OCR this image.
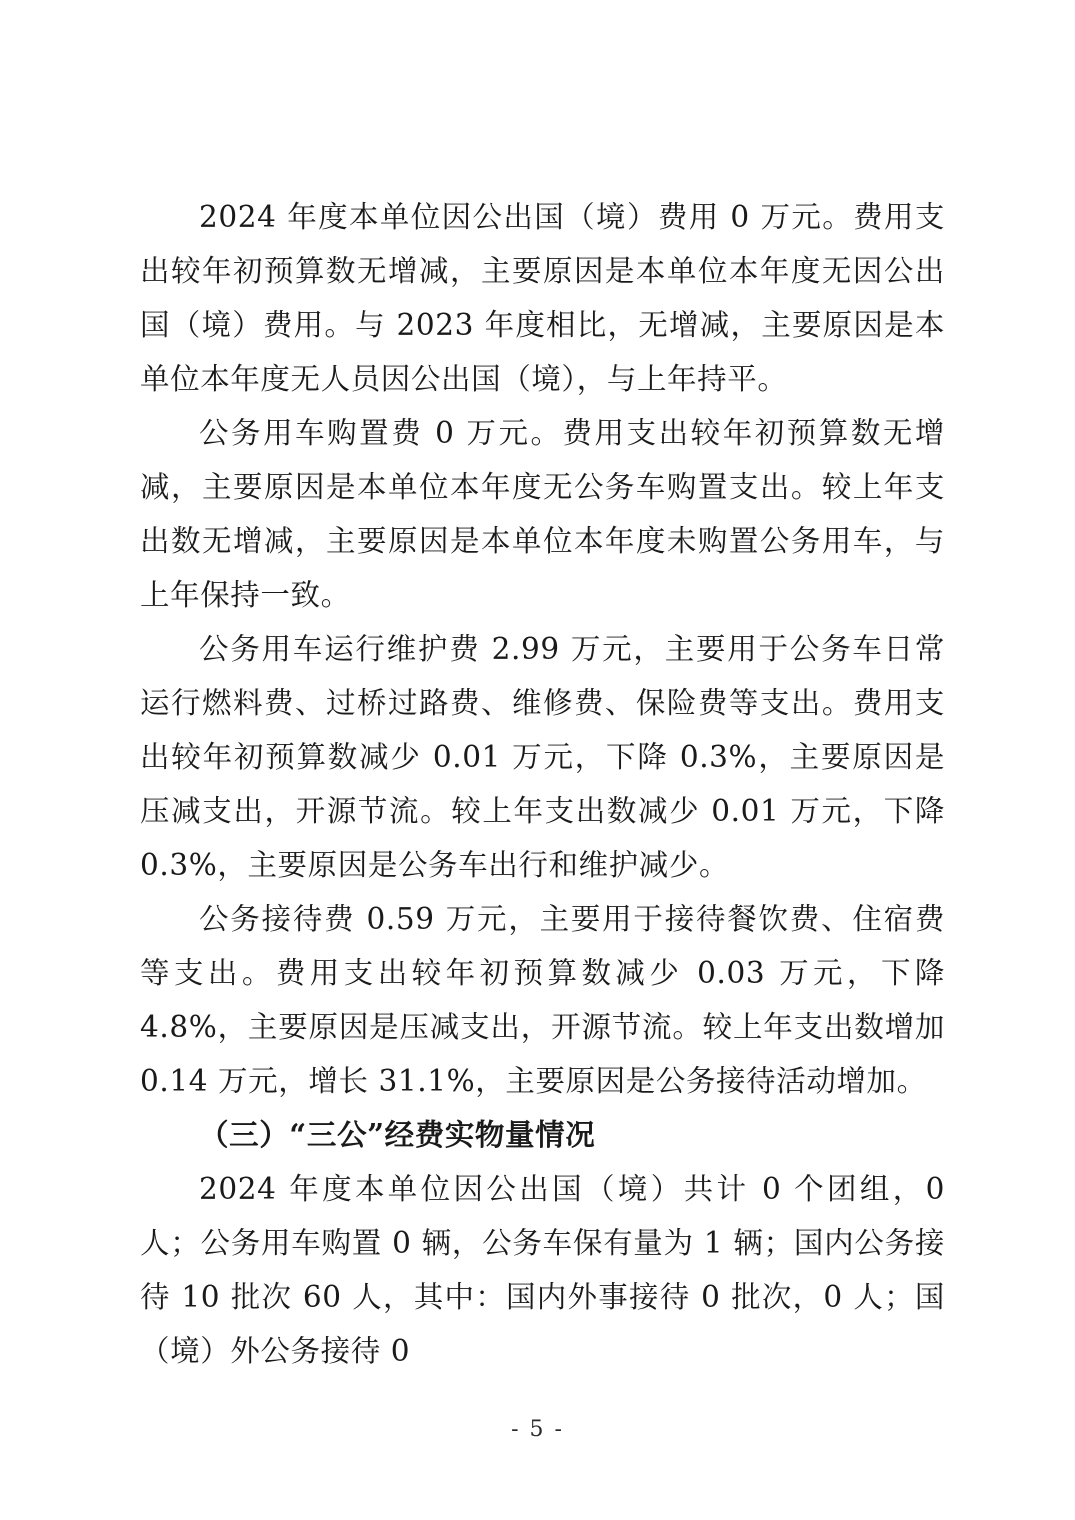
2024 年度本单位因公出国（境）费用 0 万元。费用支出较年初预算数无增减，主要原因是本单位本年度无因公出国（境）费用。与 2023 年度相比，无增减，主要原因是本单位本年度无人员因公出国（境），与上年持平。

公务用车购置费 0 万元。费用支出较年初预算数无增减，主要原因是本单位本年度无公务车购置支出。较上年支出数无增减，主要原因是本单位本年度未购置公务用车，与上年保持一致。

公务用车运行维护费 2.99 万元，主要用于公务车日常运行燃料费、过桥过路费、维修费、保险费等支出。费用支出较年初预算数减少 0.01 万元，下降 0.3%，主要原因是压减支出，开源节流。较上年支出数减少 0.01 万元，下降 0.3%，主要原因是公务车出行和维护减少。

公务接待费 0.59 万元，主要用于接待餐饮费、住宿费等支出。费用支出较年初预算数减少 0.03 万元，下降 4.8%，主要原因是压减支出，开源节流。较上年支出数增加 0.14 万元，增长 31.1%，主要原因是公务接待活动增加。

（三）“三公”经费实物量情况

2024 年度本单位因公出国（境）共计 0 个团组，0 人；公务用车购置 0 辆，公务车保有量为 1 辆；国内公务接待 10 批次 60 人，其中：国内外事接待 0 批次，0 人；国（境）外公务接待 0

- 5 -
